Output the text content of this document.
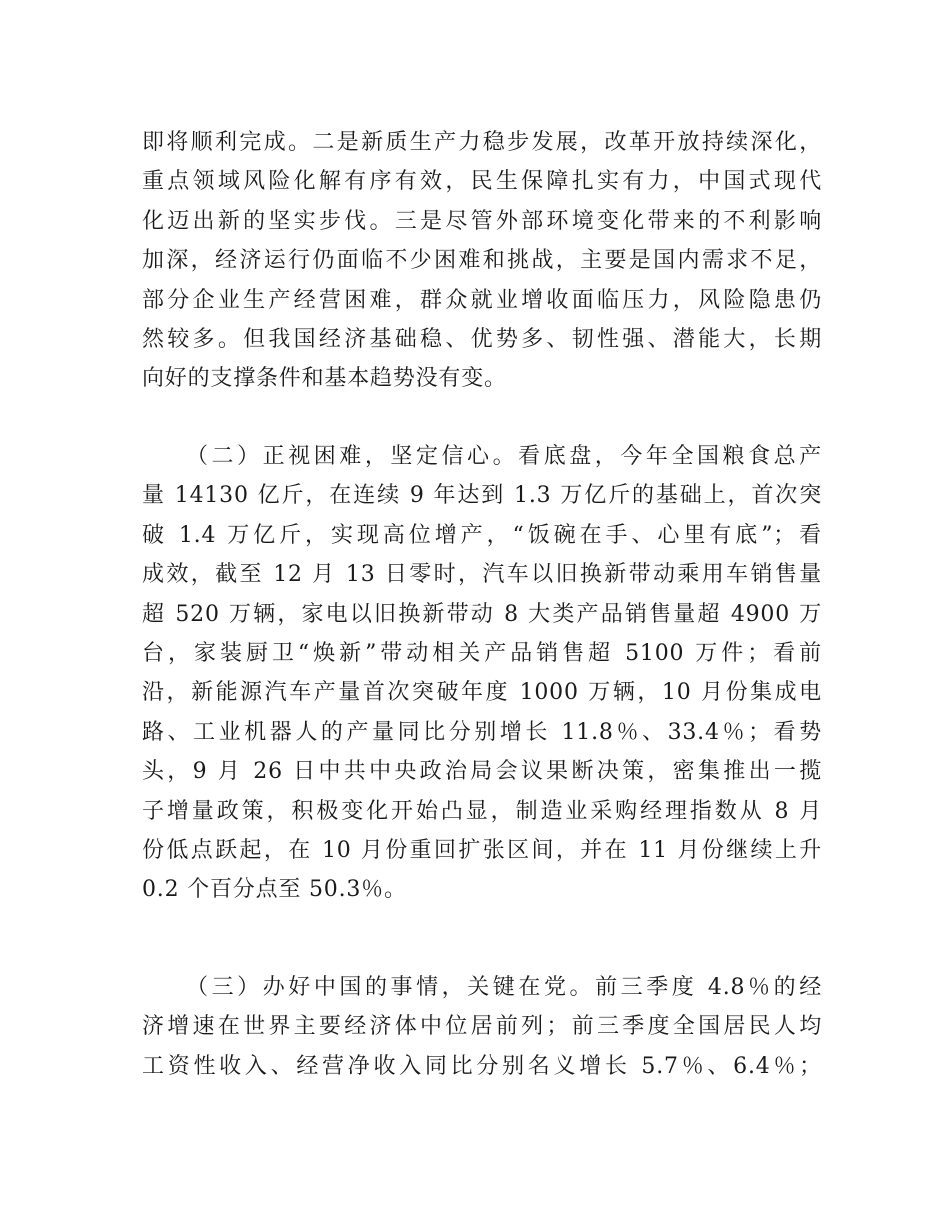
即将顺利完成。二是新质生产力稳步发展，改革开放持续深化，
重点领域风险化解有序有效，民生保障扎实有力，中国式现代
化迈出新的坚实步伐。三是尽管外部环境变化带来的不利影响
加深，经济运行仍面临不少困难和挑战，主要是国内需求不足，
部分企业生产经营困难，群众就业增收面临压力，风险隐患仍
然较多。但我国经济基础稳、优势多、韧性强、潜能大，长期
向好的支撑条件和基本趋势没有变。
（二）正视困难，坚定信心。看底盘，今年全国粮食总产
量 14130 亿斤，在连续 9 年达到 1.3 万亿斤的基础上，首次突
破 1.4 万亿斤，实现高位增产，“饭碗在手、心里有底”；看
成效，截至 12 月 13 日零时，汽车以旧换新带动乘用车销售量
超 520 万辆，家电以旧换新带动 8 大类产品销售量超 4900 万
台，家装厨卫“焕新”带动相关产品销售超 5100 万件；看前
沿，新能源汽车产量首次突破年度 1000 万辆，10 月份集成电
路、工业机器人的产量同比分别增长 11.8％、33.4％；看势
头，9 月 26 日中共中央政治局会议果断决策，密集推出一揽
子增量政策，积极变化开始凸显，制造业采购经理指数从 8 月
份低点跃起，在 10 月份重回扩张区间，并在 11 月份继续上升
0.2 个百分点至 50.3％。
（三）办好中国的事情，关键在党。前三季度 4.8％的经
济增速在世界主要经济体中位居前列；前三季度全国居民人均
工资性收入、经营净收入同比分别名义增长 5.7％、6.4％；
